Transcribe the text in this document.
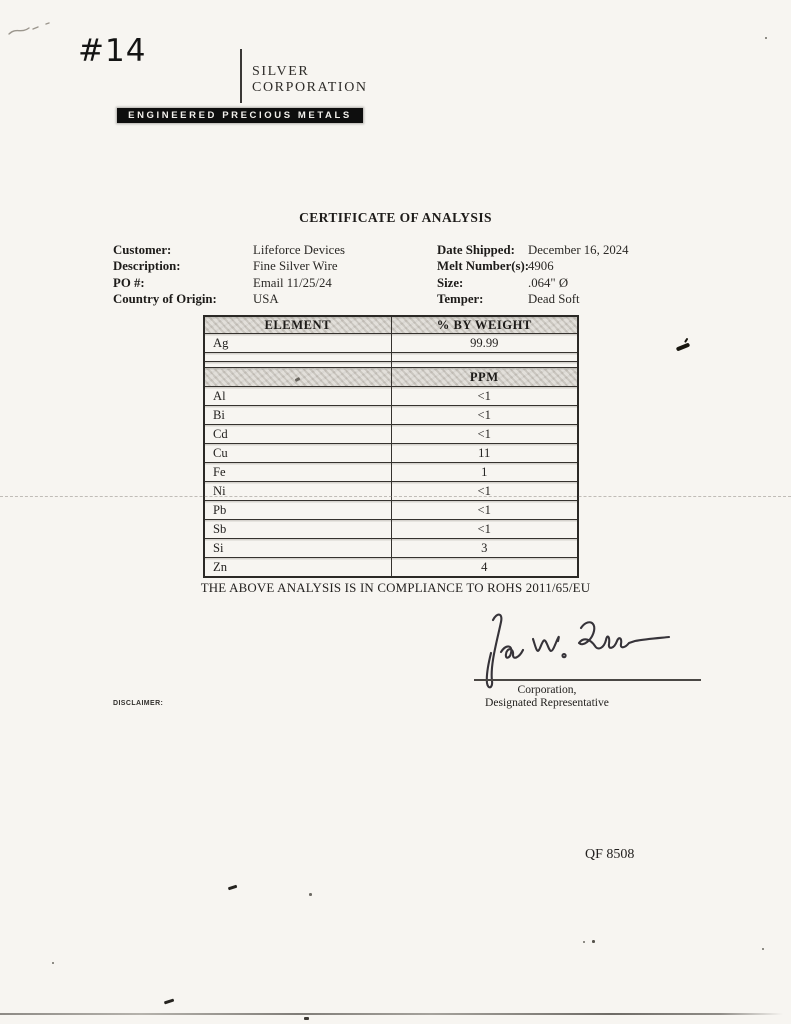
#14
SILVER
CORPORATION
ENGINEERED PRECIOUS METALS
CERTIFICATE OF ANALYSIS
Customer:	Lifeforce Devices
Description:	Fine Silver Wire
PO #:	Email 11/25/24
Country of Origin:	USA
Date Shipped: December 16, 2024
Melt Number(s):4906
Size:	.064" Ø
Temper:	Dead Soft
ELEMENT	% BY WEIGHT
Ag	99.99

	PPM
Al	<1
Bi	<1
Cd	<1
Cu	11
Fe	1
Ni	<1
Pb	<1
Sb	<1
Si	3
Zn	4
THE ABOVE ANALYSIS IS IN COMPLIANCE TO ROHS 2011/65/EU
Corporation,
Designated Representative
DISCLAIMER:
QF 8508
